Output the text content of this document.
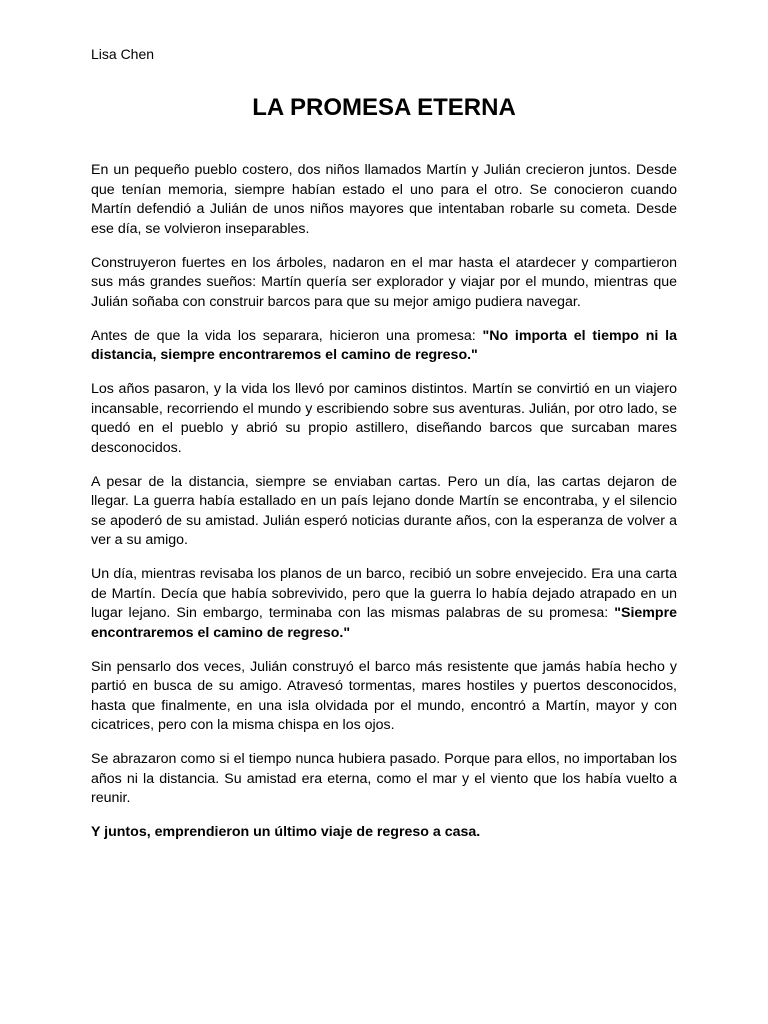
Lisa Chen
LA PROMESA ETERNA

En un pequeño pueblo costero, dos niños llamados Martín y Julián crecieron juntos. Desde que tenían memoria, siempre habían estado el uno para el otro. Se conocieron cuando Martín defendió a Julián de unos niños mayores que intentaban robarle su cometa. Desde ese día, se volvieron inseparables.

Construyeron fuertes en los árboles, nadaron en el mar hasta el atardecer y compartieron sus más grandes sueños: Martín quería ser explorador y viajar por el mundo, mientras que Julián soñaba con construir barcos para que su mejor amigo pudiera navegar.

Antes de que la vida los separara, hicieron una promesa: "No importa el tiempo ni la distancia, siempre encontraremos el camino de regreso."

Los años pasaron, y la vida los llevó por caminos distintos. Martín se convirtió en un viajero incansable, recorriendo el mundo y escribiendo sobre sus aventuras. Julián, por otro lado, se quedó en el pueblo y abrió su propio astillero, diseñando barcos que surcaban mares desconocidos.

A pesar de la distancia, siempre se enviaban cartas. Pero un día, las cartas dejaron de llegar. La guerra había estallado en un país lejano donde Martín se encontraba, y el silencio se apoderó de su amistad. Julián esperó noticias durante años, con la esperanza de volver a ver a su amigo.

Un día, mientras revisaba los planos de un barco, recibió un sobre envejecido. Era una carta de Martín. Decía que había sobrevivido, pero que la guerra lo había dejado atrapado en un lugar lejano. Sin embargo, terminaba con las mismas palabras de su promesa: "Siempre encontraremos el camino de regreso."

Sin pensarlo dos veces, Julián construyó el barco más resistente que jamás había hecho y partió en busca de su amigo. Atravesó tormentas, mares hostiles y puertos desconocidos, hasta que finalmente, en una isla olvidada por el mundo, encontró a Martín, mayor y con cicatrices, pero con la misma chispa en los ojos.

Se abrazaron como si el tiempo nunca hubiera pasado. Porque para ellos, no importaban los años ni la distancia. Su amistad era eterna, como el mar y el viento que los había vuelto a reunir.

Y juntos, emprendieron un último viaje de regreso a casa.
